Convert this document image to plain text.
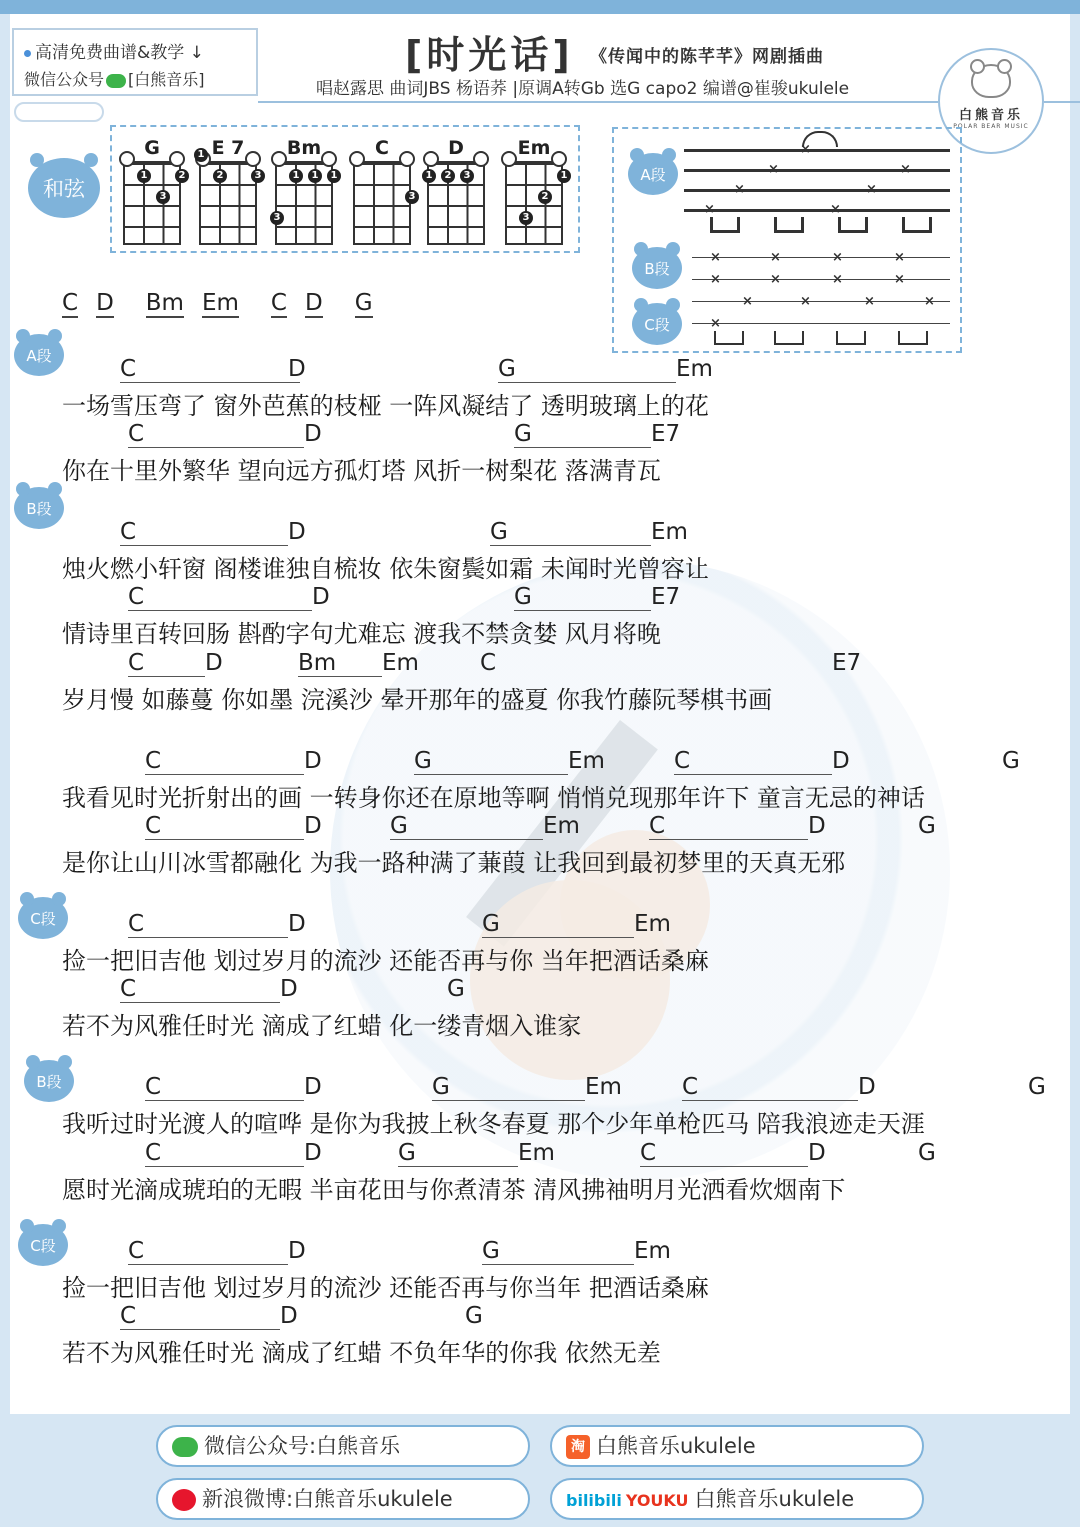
高清免费曲谱&教学 ↓
微信公众号 [白熊音乐]
[时光话] 《传闻中的陈芊芊》网剧插曲
唱赵露思 曲词JBS 杨语荞 |原调A转Gb 选G capo2 编谱@崔骏ukulele
白熊音乐
POLAR BEAR MUSIC
和弦
G
1	2
3
E 7
1
2	3
Bm
1	1	1
3
C
3
D
1	2	3
Em
1
2
3
A段
B段
C段
×
×	×
×	×
×	×
×	×	×	×
×	×	×	×
×	×	×	×
×
C D Bm Em C D G
A段
B段
C段
B段
C段
C	D	G	Em
一场雪压弯了 窗外芭蕉的枝桠 一阵风凝结了 透明玻璃上的花
C	D	G	E7
你在十里外繁华 望向远方孤灯塔 风折一树梨花 落满青瓦
C	D	G	Em
烛火燃小轩窗 阁楼谁独自梳妆 依朱窗鬓如霜 未闻时光曾容让
C	D	G	E7
情诗里百转回肠 斟酌字句尤难忘 渡我不禁贪婪 风月将晚
C	D	Bm Em	C	E7
岁月慢 如藤蔓 你如墨 浣溪沙 晕开那年的盛夏 你我竹藤阮琴棋书画
C	D	G	Em	C	D	G
我看见时光折射出的画 一转身你还在原地等啊 悄悄兑现那年许下 童言无忌的神话
C	D	G	Em	C	D	G
是你让山川冰雪都融化 为我一路种满了蒹葭 让我回到最初梦里的天真无邪
C	D	G	Em
捡一把旧吉他 划过岁月的流沙 还能否再与你 当年把酒话桑麻
C	D	G
若不为风雅任时光 滴成了红蜡 化一缕青烟入谁家
C	D	G	Em	C	D	G
我听过时光渡人的喧哗 是你为我披上秋冬春夏 那个少年单枪匹马 陪我浪迹走天涯
C	D	G	Em	C	D	G
愿时光滴成琥珀的无暇 半亩花田与你煮清茶 清风拂袖明月光洒看炊烟南下
C	D	G	Em
捡一把旧吉他 划过岁月的流沙 还能否再与你当年 把酒话桑麻
C	D	G
若不为风雅任时光 滴成了红蜡 不负年华的你我 依然无差
微信公众号:白熊音乐	淘 白熊音乐ukulele
新浪微博:白熊音乐ukulele	bilibili YOUKU 白熊音乐ukulele
